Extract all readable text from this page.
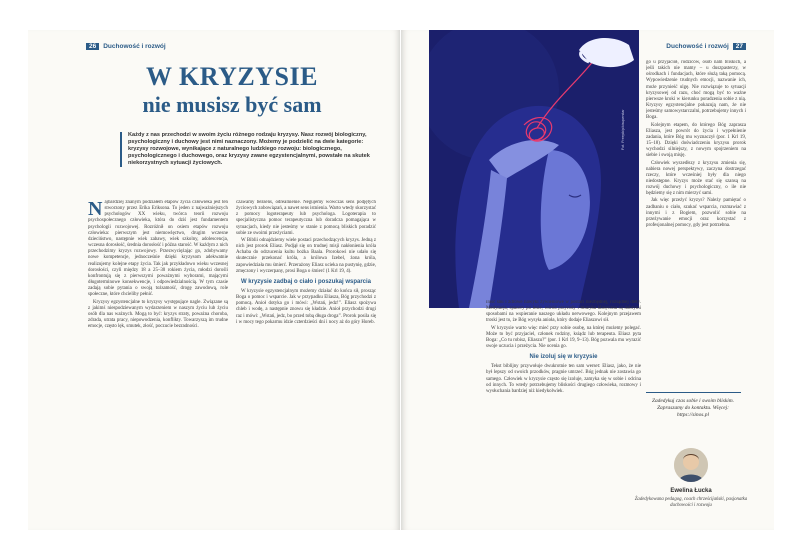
26	Duchowość i rozwój
W KRYZYSIE
nie musisz być sam
Każdy z nas przechodzi w swoim życiu różnego rodzaju kryzysy. Nasz rozwój biologiczny, psychologiczny i duchowy jest nimi naznaczony. Możemy je podzielić na dwie kategorie: kryzysy rozwojowe, wynikające z naturalnego ludzkiego rozwoju: biologicznego, psychologicznego i duchowego, oraz kryzysy zwane egzystencjalnymi, powstałe na skutek niekorzystnych sytuacji życiowych.

Najbardziej znanym podziałem etapów życia człowieka jest ten stworzony przez Erika Eriksona. To jeden z najważniejszych psychologów XX wieku, twórca teorii rozwoju psychospołecznego człowieka, która do dziś jest fundamentem psychologii rozwojowej. Rozróżnił on osiem etapów rozwoju człowieka: pierwszym jest niemowlęctwo, drugim wczesne dzieciństwo, następnie wiek zabawy, wiek szkolny, adolescencja, wczesna dorosłość, średnia dorosłość i późna starość. W każdym z nich przechodzimy kryzys rozwojowy. Przezwyciężając go, zdobywamy nowe kompetencje, jednocześnie dzięki kryzysom adekwatnie realizujemy kolejne etapy życia. Tak jak przykładowo wieku wczesnej dorosłości, czyli między 18 a 25–30 rokiem życia, młodzi dorośli konfrontują się z pierwszymi poważnymi wyborami, mającymi długoterminowe konsekwencje, i odpowiedzialnością. W tym czasie zadają sobie pytania o swoją tożsamość, drogę zawodową, role społeczne, które chcieliby pełnić.

Kryzysy egzystencjalne to kryzysy występujące nagle. Związane są z jakimś niespodziewanym wydarzeniem w naszym życiu lub życiu osób dla nas ważnych. Mogą to być: kryzys straty, poważna choroba, zdrada, utrata pracy, niepowodzenia, konflikty. Towarzyszą im trudne emocje, często lęk, smutek, złość, poczucie bezradności.

czawamy bezsens, odrealnienie. Negujemy wówczas sens podjętych życiowych zobowiązań, a nawet sens istnienia. Warto wtedy skorzystać z pomocy logoterapeuty lub psychologa. Logoterapia to specjalistyczna pomoc terapeutyczna lub doradcza pomagająca w sytuacjach, kiedy nie jesteśmy w stanie z pomocą bliskich poradzić sobie ze swoimi przeżyciami.

W Biblii odnajdziemy wiele postaci przechodzących kryzys. Jedną z nich jest prorok Eliasz. Podjął się on trudnej misji nakłonienia króla Achaba do odrzucenia kultu bożka Baala. Prorokowi nie udało się skutecznie przekonać króla, a królowa Izebel, żona króla, zapowiedziała mu śmierć. Przerażony Eliasz ucieka na pustynię, gdzie, zmęczony i wyczerpany, prosi Boga o śmierć (1 Krl 19, 4).

W kryzysie zadbaj o ciało i poszukaj wsparcia

W kryzysie egzystencjalnym możemy działać do końca sił, prosząc Boga o pomoc i wsparcie. Jak w przypadku Eliasza, Bóg przychodzi z pomocą. Anioł dotyka go i mówi: „Wstań, jedz!”. Eliasz spożywa chleb i wodę, a następnie znowu się kładzie. Anioł przychodzi drugi raz i mówi: „Wstań, jedz, bo przed tobą długa droga”. Prorok posila się i w mocy tego pokarmu idzie czterdzieści dni i nocy aż do góry Horeb.

Duchowość i rozwój	27
Fot. Freepik/pikisuperstar

ilość snu i zdrowe nawyki żywieniowe w postaci niezbędnej, rozsądnej diety. Medytacja, spacery po lesie, wśród przyrody i muzyka klasyczna są dobrymi sposobami na wspieranie naszego układu nerwowego. Kolejnym przejawem troski jest to, że Bóg wysyła anioła, który dodaje Eliaszowi sił.

W kryzysie warto więc mieć przy sobie osobę, na której możemy polegać. Może to być przyjaciel, członek rodziny, ksiądz lub terapeuta. Eliasz pyta Boga: „Co tu robisz, Eliaszu?” (por. 1 Krl 19, 9–13). Bóg pozwala mu wyrazić swoje uczucia i przeżycia. Nie ocenia go.

Nie izoluj się w kryzysie

Tekst biblijny przywołuje dwukrotnie ten sam werset: Eliasz, jako, że nie był lepszy od swoich przodków, pragnie umrzeć. Bóg jednak nie zostawia go samego. Człowiek w kryzysie często się izoluje, zamyka się w sobie i odcina od innych. To wtedy potrzebujemy bliskości drugiego człowieka, rozmowy i wysłuchania bardziej niż kiedykolwiek.

go u przyjaciół, rodziców, osób nam bliskich, a jeśli takich nie mamy – u duszpasterzy, w ośrodkach i fundacjach, które służą taką pomocą. Wypowiedzenie trudnych emocji, nazwanie ich, może przynieść ulgę. Nie rozwiązuje to sytuacji kryzysowej od razu, choć mogą być to ważne pierwsze kroki w kierunku poradzenia sobie z nią. Kryzysy egzystencjalne pokazują nam, że nie jesteśmy samowystarczalni, potrzebujemy innych i Boga.

Kolejnym etapem, do którego Bóg zaprasza Eliasza, jest powrót do życia i wypełnienie zadania, które Bóg mu wyznaczył (por. 1 Krl 19, 15–18). Dzięki doświadczeniu kryzysu prorok wychodzi silniejszy, z nowym spojrzeniem na siebie i swoją misję.

Człowiek wyszedłszy z kryzysu zmienia się, nabiera nowej perspektywy, zaczyna dostrzegać rzeczy, które wcześniej były dla niego niedostępne. Kryzys może stać się szansą na rozwój duchowy i psychologiczny, o ile nie będziemy się z nim mierzyć sami.

Jak więc przeżyć kryzys? Należy pamiętać o zadbaniu o ciało, szukać wsparcia, rozmawiać z innymi i z Bogiem, pozwolić sobie na przeżywanie emocji oraz korzystać z profesjonalnej pomocy, gdy jest potrzebna.

Zadedykuj czas sobie i swoim bliskim. Zapraszamy do kontaktu. Więcej: https://sinos.pl
Ewelina Łucka
Żadedykowana pedagog, coach chrześcijański, pasjonatka duchowości i rozwoju
